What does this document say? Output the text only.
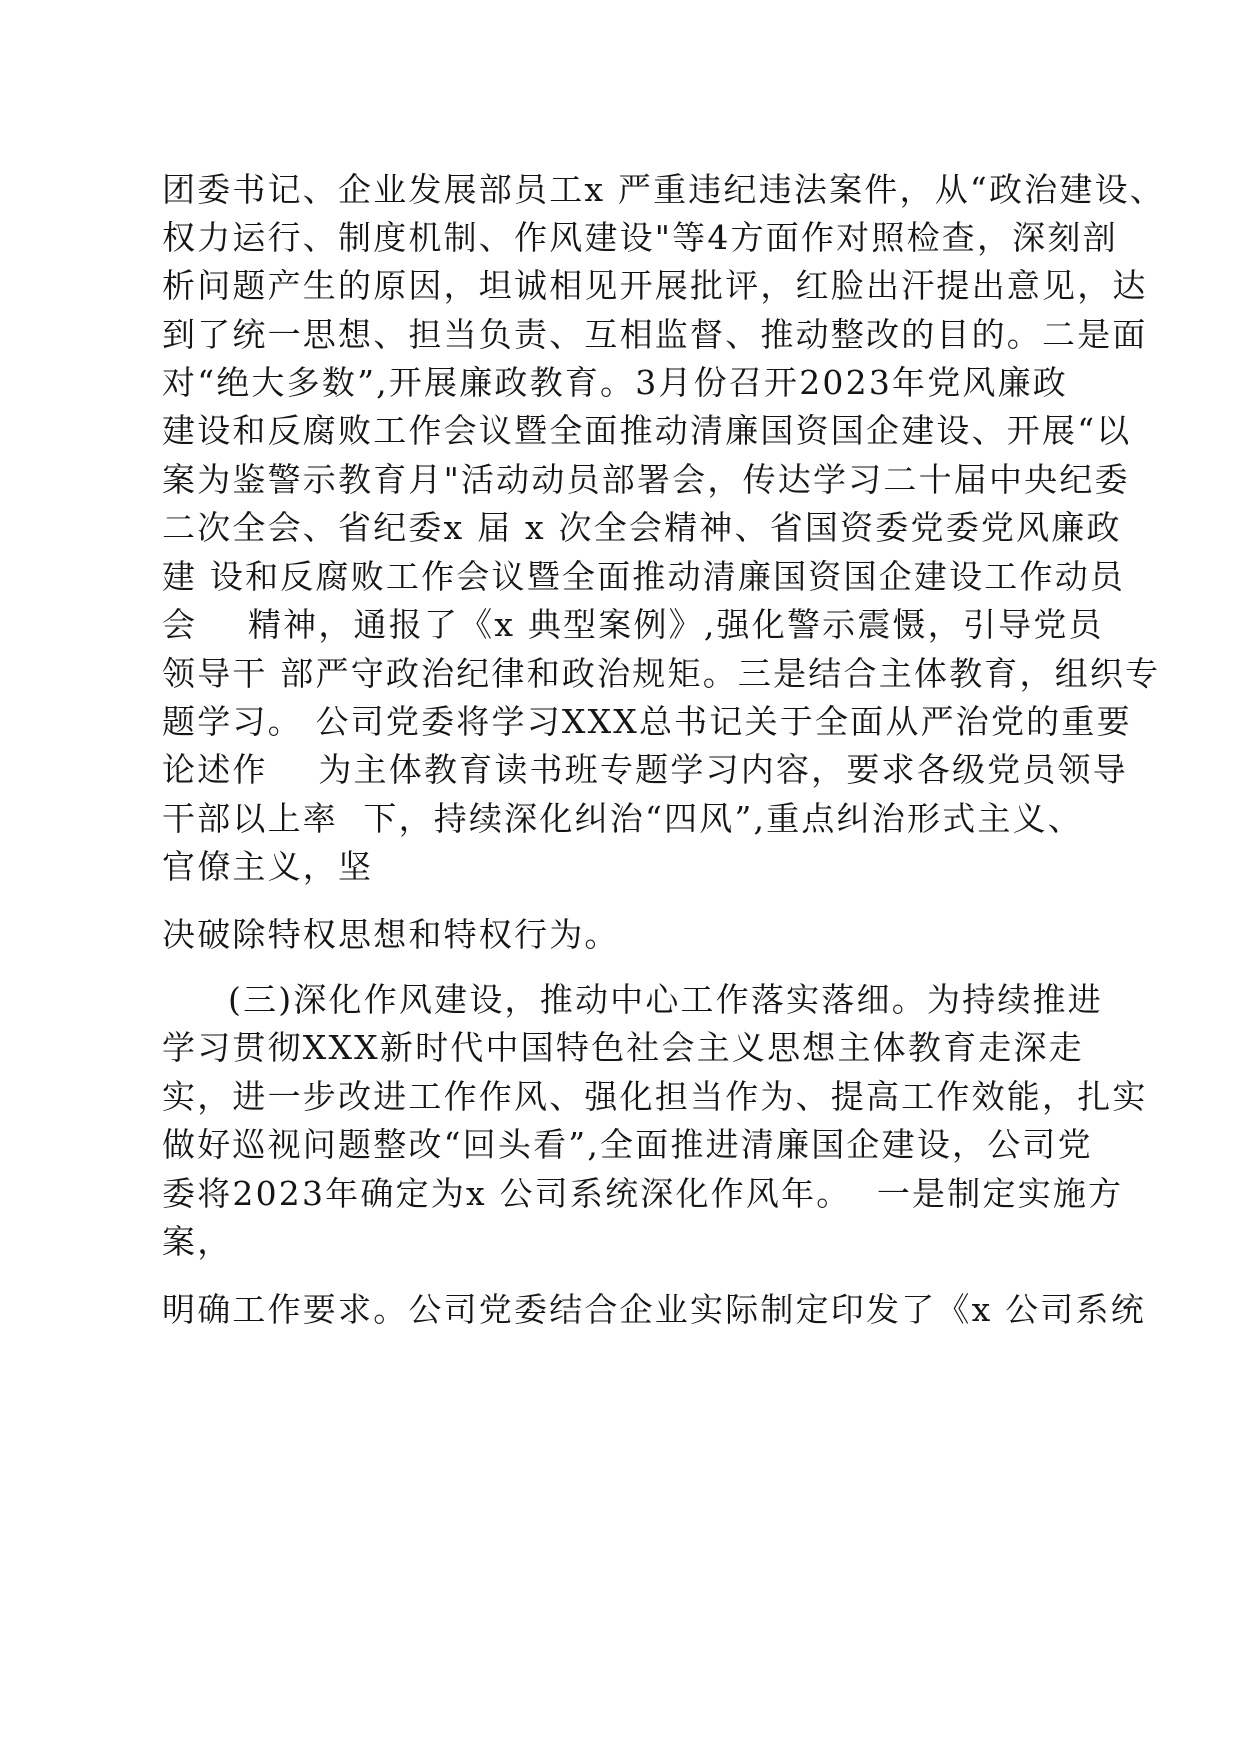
团委书记、企业发展部员工x 严重违纪违法案件，从“政治建设、
权力运行、制度机制、作风建设"等4方面作对照检查，深刻剖
析问题产生的原因，坦诚相见开展批评，红脸出汗提出意见，达
到了统一思想、担当负责、互相监督、推动整改的目的。二是面
对“绝大多数”,开展廉政教育。3月份召开2023年党风廉政
建设和反腐败工作会议暨全面推动清廉国资国企建设、开展“以
案为鉴警示教育月"活动动员部署会，传达学习二十届中央纪委
二次全会、省纪委x 届 x 次全会精神、省国资委党委党风廉政
建 设和反腐败工作会议暨全面推动清廉国资国企建设工作动员
会    精神，通报了《x 典型案例》,强化警示震慑，引导党员
领导干 部严守政治纪律和政治规矩。三是结合主体教育，组织专
题学习。 公司党委将学习XXX总书记关于全面从严治党的重要
论述作    为主体教育读书班专题学习内容，要求各级党员领导
干部以上率  下，持续深化纠治“四风”,重点纠治形式主义、
官僚主义，坚
决破除特权思想和特权行为。
(三)深化作风建设，推动中心工作落实落细。为持续推进
学习贯彻XXX新时代中国特色社会主义思想主体教育走深走
实，进一步改进工作作风、强化担当作为、提高工作效能，扎实
做好巡视问题整改“回头看”,全面推进清廉国企建设，公司党
委将2023年确定为x 公司系统深化作风年。  一是制定实施方
案，
明确工作要求。公司党委结合企业实际制定印发了《x 公司系统
